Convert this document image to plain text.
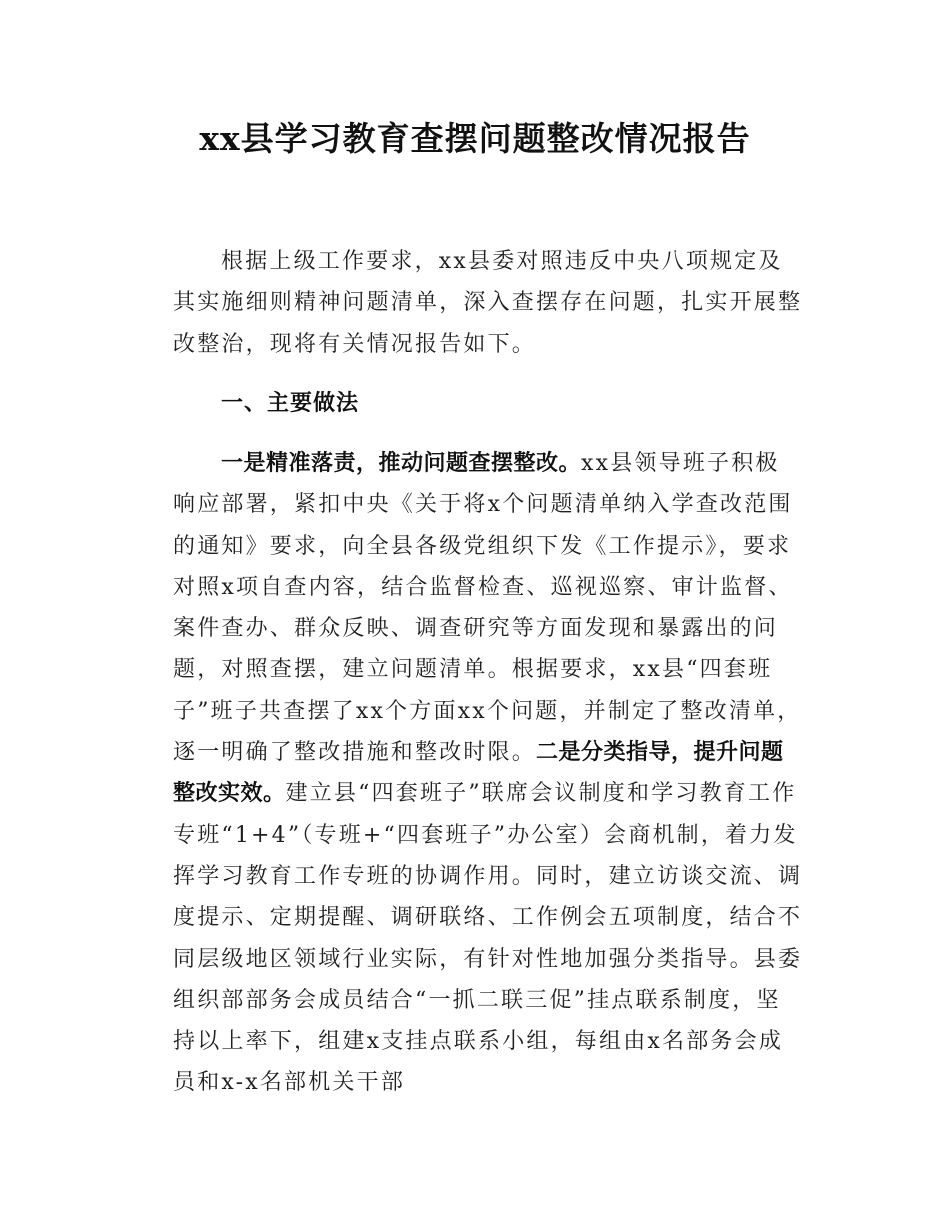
xx县学习教育查摆问题整改情况报告

根据上级工作要求，xx县委对照违反中央八项规定及其实施细则精神问题清单，深入查摆存在问题，扎实开展整改整治，现将有关情况报告如下。

一、主要做法

一是精准落责，推动问题查摆整改。xx县领导班子积极响应部署，紧扣中央《关于将x个问题清单纳入学查改范围的通知》要求，向全县各级党组织下发《工作提示》，要求对照x项自查内容，结合监督检查、巡视巡察、审计监督、案件查办、群众反映、调查研究等方面发现和暴露出的问题，对照查摆，建立问题清单。根据要求，xx县“四套班子”班子共查摆了xx个方面xx个问题，并制定了整改清单，逐一明确了整改措施和整改时限。二是分类指导，提升问题整改实效。建立县“四套班子”联席会议制度和学习教育工作专班“1+4”（专班+“四套班子”办公室）会商机制，着力发挥学习教育工作专班的协调作用。同时，建立访谈交流、调度提示、定期提醒、调研联络、工作例会五项制度，结合不同层级地区领域行业实际，有针对性地加强分类指导。县委组织部部务会成员结合“一抓二联三促”挂点联系制度，坚持以上率下，组建x支挂点联系小组，每组由x名部务会成员和x-x名部机关干部
